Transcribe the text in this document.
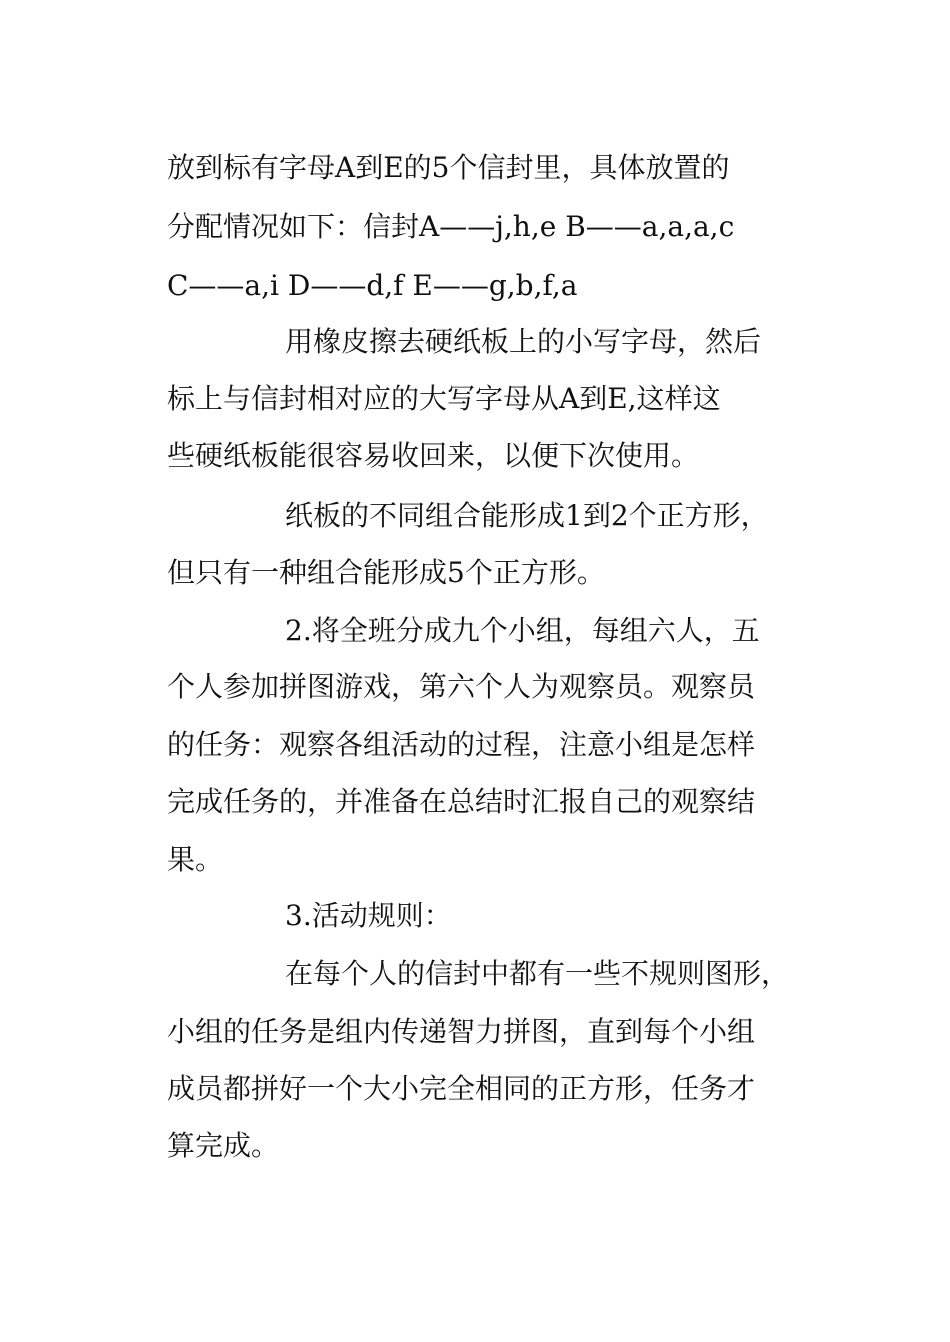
放到标有字母A到E的5个信封里，具体放置的
分配情况如下：信封A——j,h,e B——a,a,a,c
C——a,i D——d,f E——g,b,f,a
用橡皮擦去硬纸板上的小写字母，然后
标上与信封相对应的大写字母从A到E,这样这
些硬纸板能很容易收回来，以便下次使用。
纸板的不同组合能形成1到2个正方形，
但只有一种组合能形成5个正方形。
2.将全班分成九个小组，每组六人，五
个人参加拼图游戏，第六个人为观察员。观察员
的任务：观察各组活动的过程，注意小组是怎样
完成任务的，并准备在总结时汇报自己的观察结
果。
3.活动规则：
在每个人的信封中都有一些不规则图形，
小组的任务是组内传递智力拼图，直到每个小组
成员都拼好一个大小完全相同的正方形，任务才
算完成。
